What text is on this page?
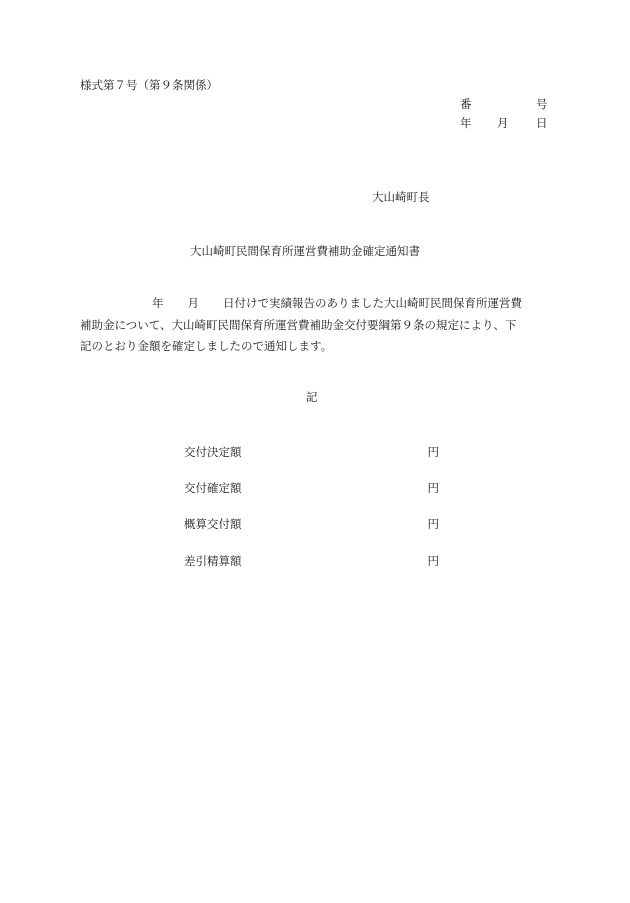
様式第７号（第９条関係）
番	号
年 月 日
大山崎町長
大山崎町民間保育所運営費補助金確定通知書
年 月 日付けで実績報告のありました大山崎町民間保育所運営費
補助金について、大山崎町民間保育所運営費補助金交付要綱第９条の規定により、下
記のとおり金額を確定しましたので通知します。
記
交付決定額	円
交付確定額	円
概算交付額	円
差引精算額	円
